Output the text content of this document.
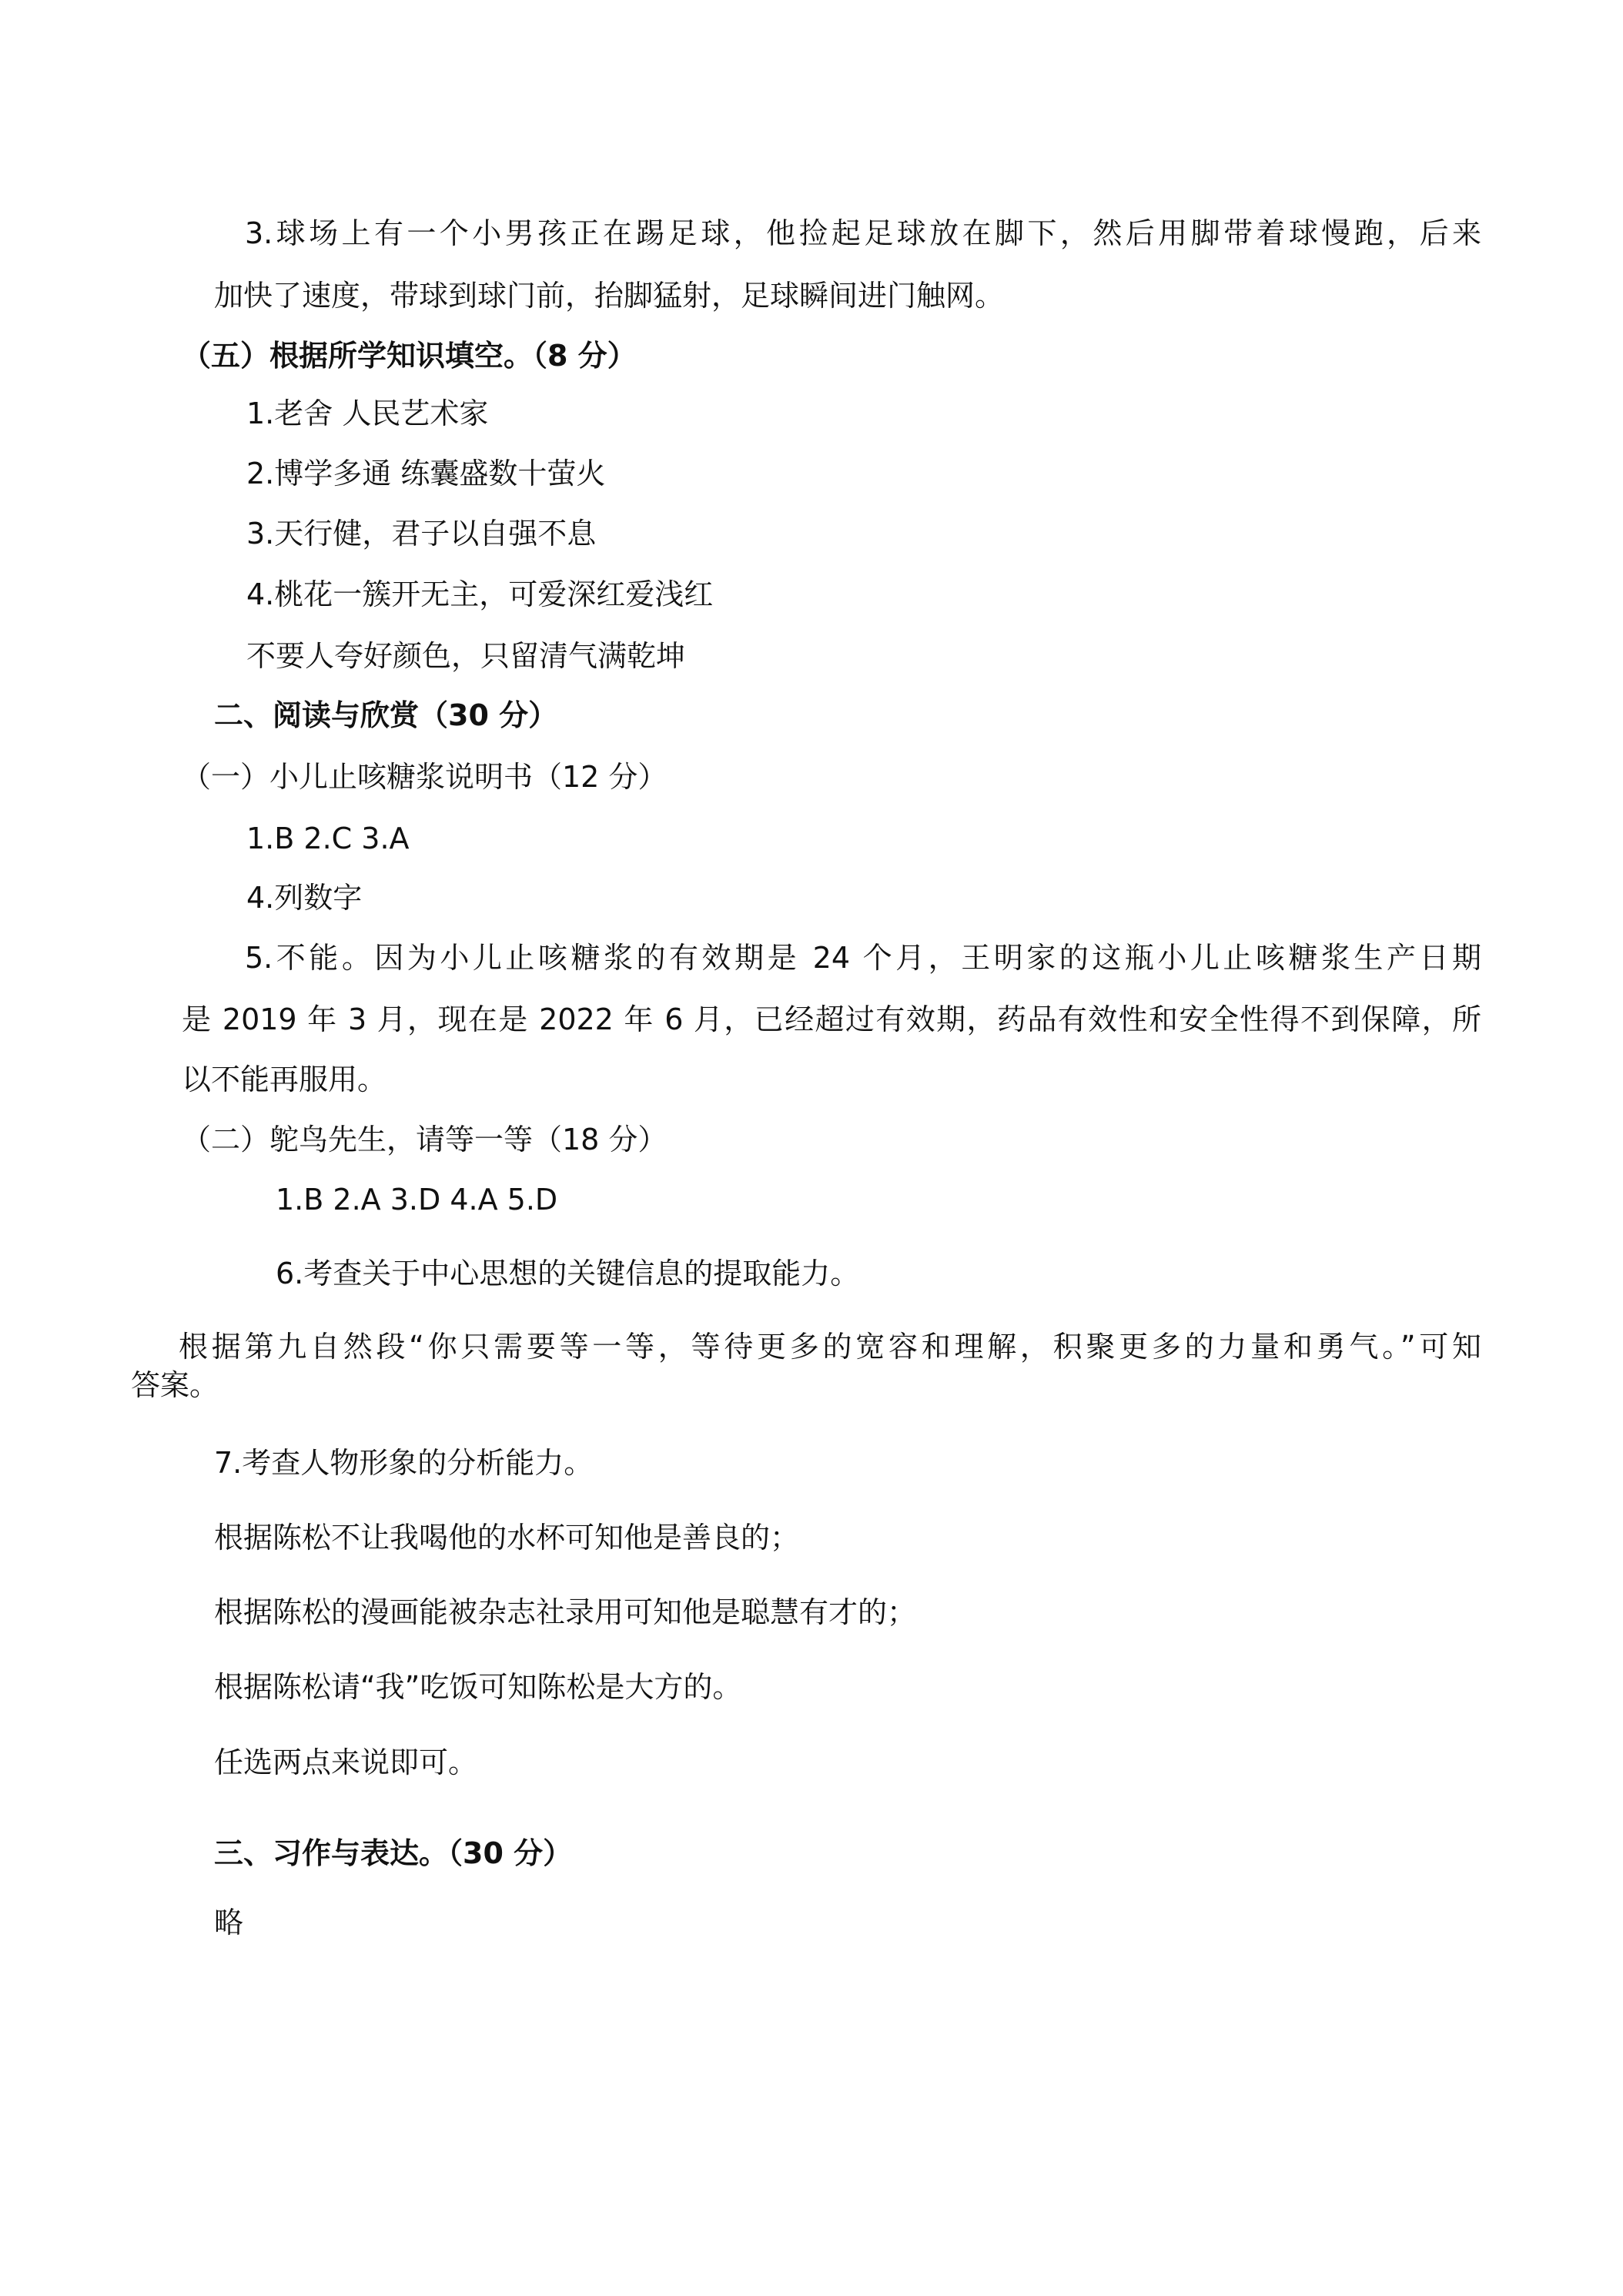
3.球场上有一个小男孩正在踢足球，他捡起足球放在脚下，然后用脚带着球慢跑，后来

加快了速度，带球到球门前，抬脚猛射，足球瞬间进门触网。

（五）根据所学知识填空。（8 分）

1.老舍 人民艺术家

2.博学多通 练囊盛数十萤火

3.天行健，君子以自强不息

4.桃花一簇开无主，可爱深红爱浅红

不要人夸好颜色，只留清气满乾坤

二、阅读与欣赏（30 分）

（一）小儿止咳糖浆说明书（12 分）

1.B 2.C 3.A

4.列数字

5.不能。因为小儿止咳糖浆的有效期是 24 个月，王明家的这瓶小儿止咳糖浆生产日期

是 2019 年 3 月，现在是 2022 年 6 月，已经超过有效期，药品有效性和安全性得不到保障，所

以不能再服用。

（二）鸵鸟先生，请等一等（18 分）

1.B 2.A 3.D 4.A 5.D

6.考查关于中心思想的关键信息的提取能力。

根据第九自然段“你只需要等一等，等待更多的宽容和理解，积聚更多的力量和勇气。”可知

答案。

7.考查人物形象的分析能力。

根据陈松不让我喝他的水杯可知他是善良的；

根据陈松的漫画能被杂志社录用可知他是聪慧有才的；

根据陈松请“我”吃饭可知陈松是大方的。

任选两点来说即可。

三、习作与表达。（30 分）

略
